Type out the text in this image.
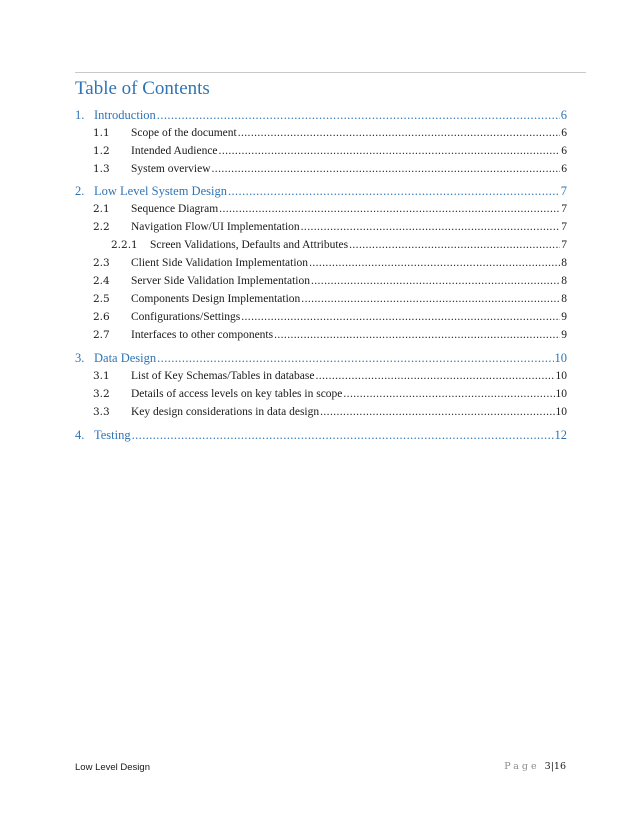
Table of Contents
1. Introduction .....	6
1.1	Scope of the document .....	6
1.2	Intended Audience .....	6
1.3	System overview .....	6
2. Low Level System Design .....	7
2.1	Sequence Diagram .....	7
2.2	Navigation Flow/UI Implementation .....	7
2.2.1	Screen Validations, Defaults and Attributes .....	7
2.3	Client Side Validation Implementation .....	8
2.4	Server Side Validation Implementation .....	8
2.5	Components Design Implementation .....	8
2.6	Configurations/Settings .....	9
2.7	Interfaces to other components .....	9
3. Data Design .....	10
3.1	List of Key Schemas/Tables in database .....	10
3.2	Details of access levels on key tables in scope .....	10
3.3	Key design considerations in data design .....	10
4. Testing .....	12
Low Level Design	Page 3|16
